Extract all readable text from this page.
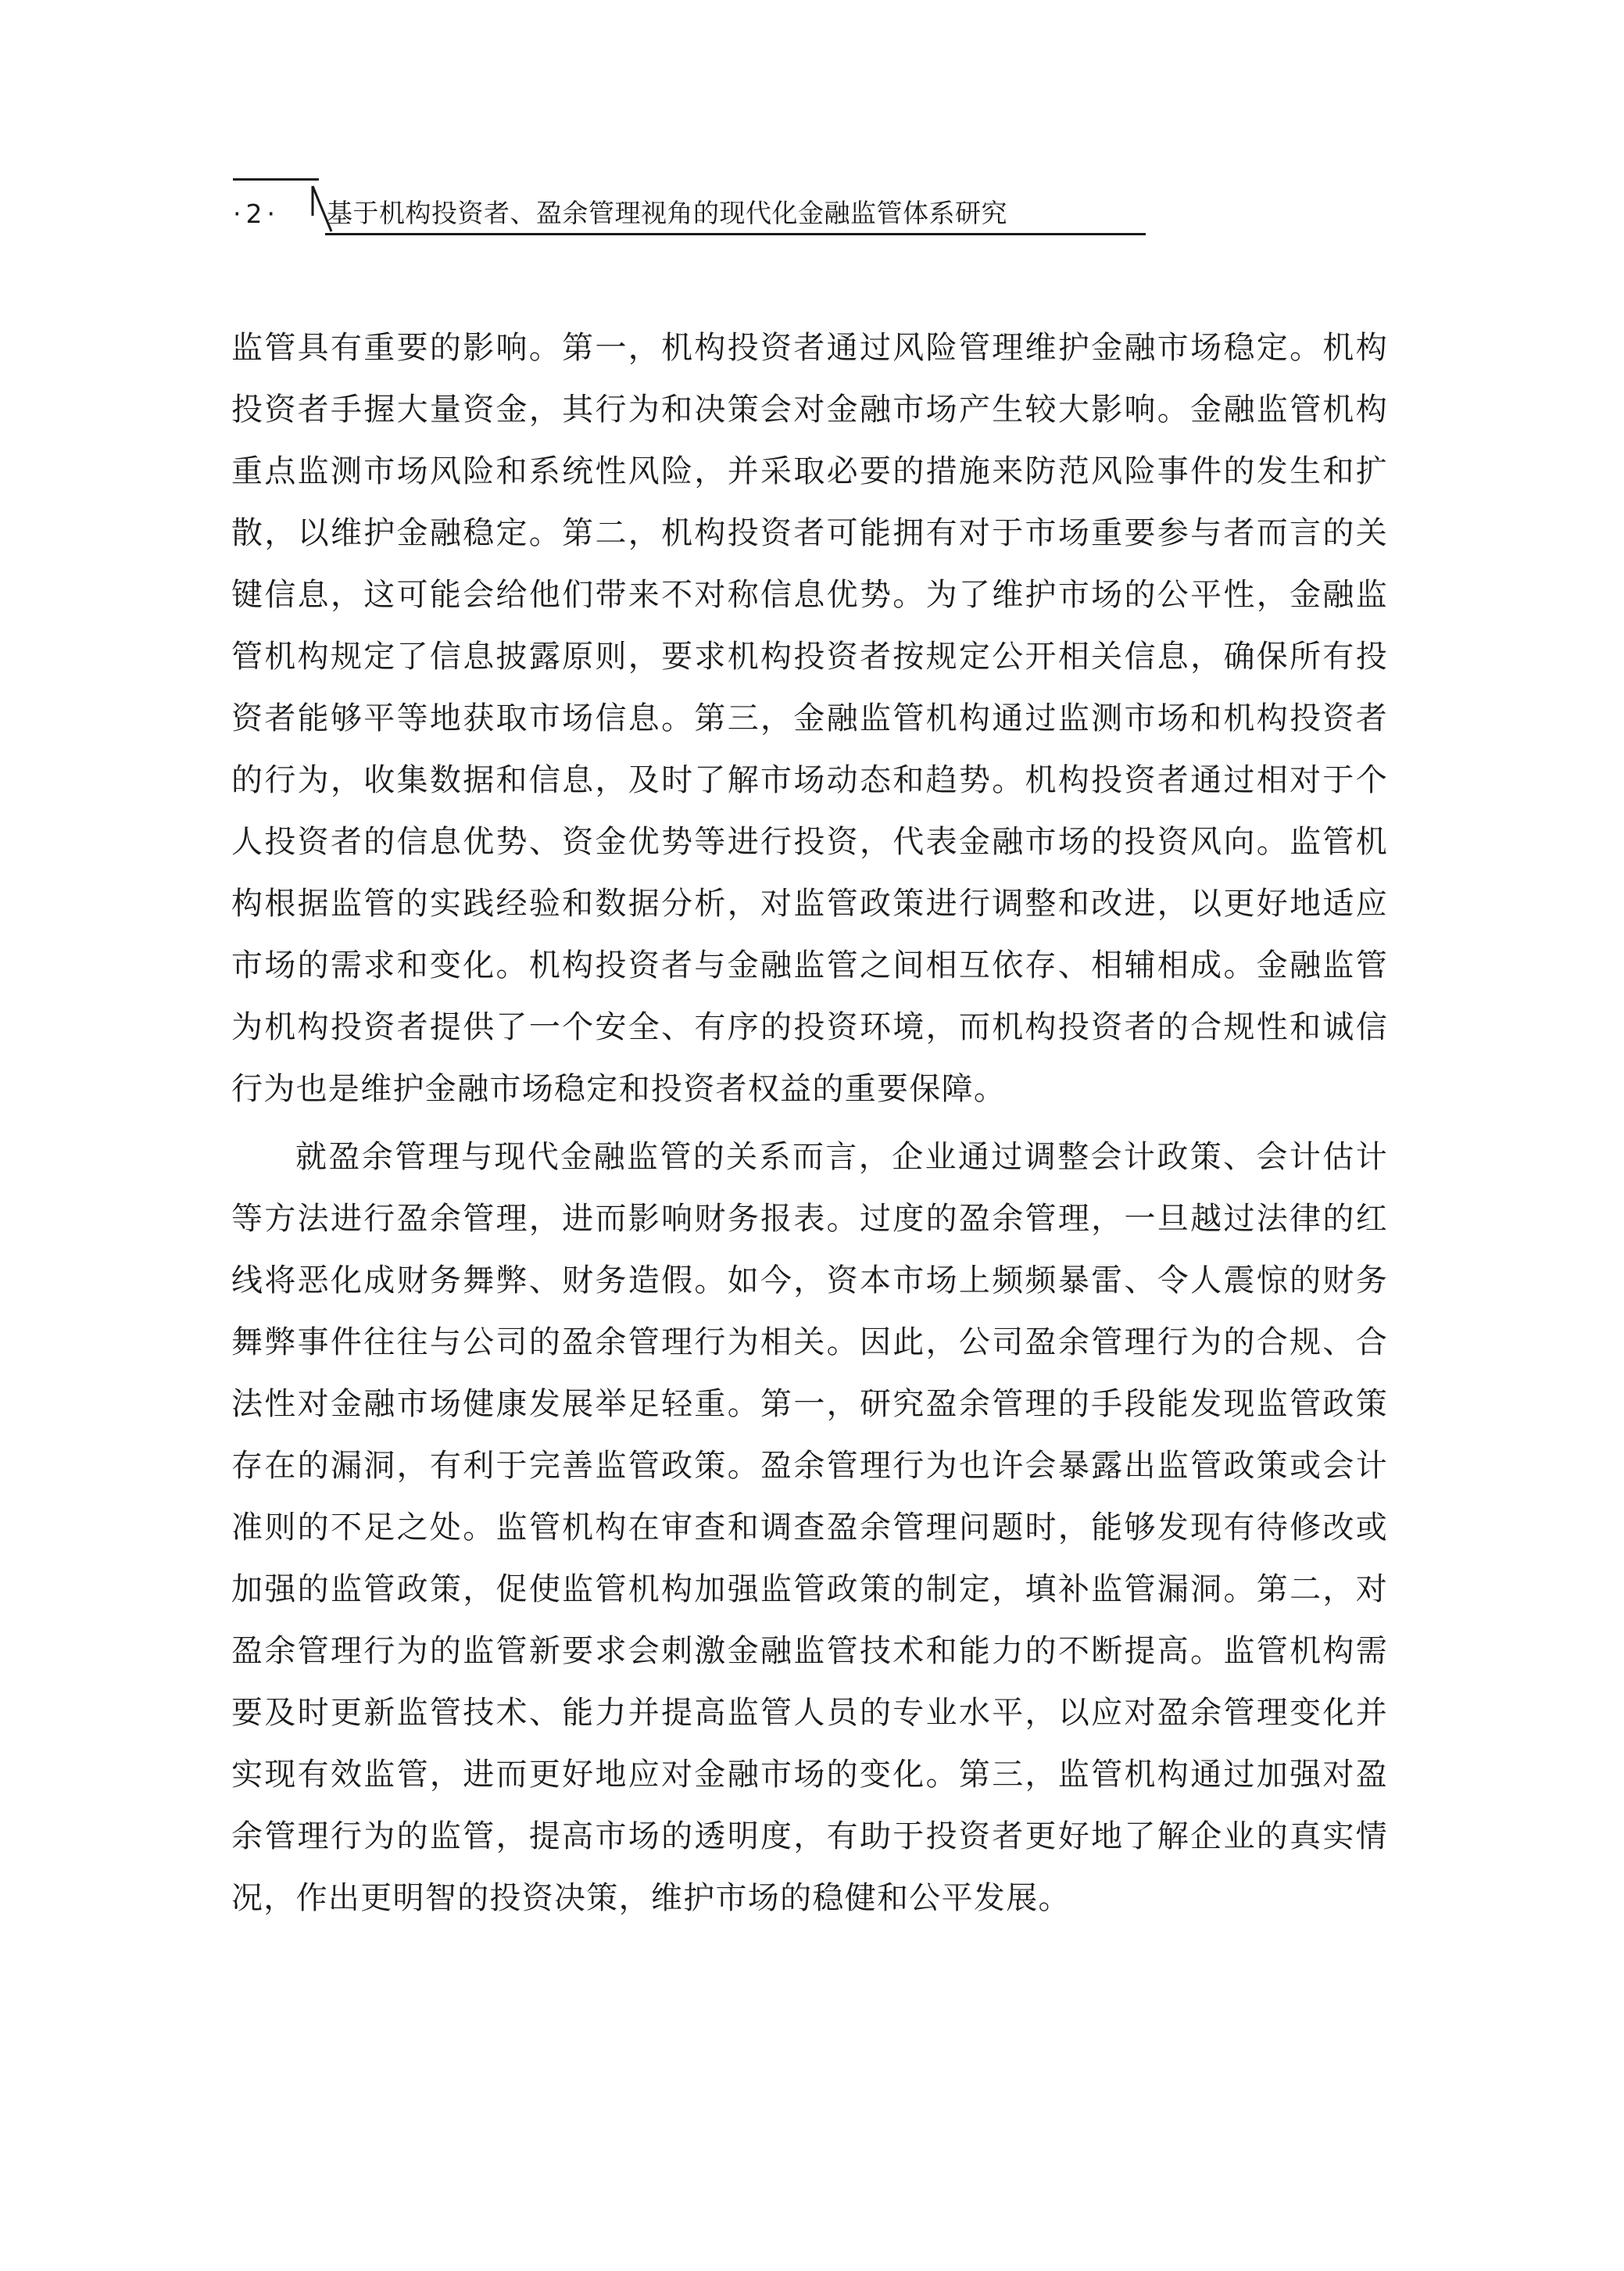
·2· 基于机构投资者、盈余管理视角的现代化金融监管体系研究

监管具有重要的影响。第一，机构投资者通过风险管理维护金融市场稳定。机构投资者手握大量资金，其行为和决策会对金融市场产生较大影响。金融监管机构重点监测市场风险和系统性风险，并采取必要的措施来防范风险事件的发生和扩散，以维护金融稳定。第二，机构投资者可能拥有对于市场重要参与者而言的关键信息，这可能会给他们带来不对称信息优势。为了维护市场的公平性，金融监管机构规定了信息披露原则，要求机构投资者按规定公开相关信息，确保所有投资者能够平等地获取市场信息。第三，金融监管机构通过监测市场和机构投资者的行为，收集数据和信息，及时了解市场动态和趋势。机构投资者通过相对于个人投资者的信息优势、资金优势等进行投资，代表金融市场的投资风向。监管机构根据监管的实践经验和数据分析，对监管政策进行调整和改进，以更好地适应市场的需求和变化。机构投资者与金融监管之间相互依存、相辅相成。金融监管为机构投资者提供了一个安全、有序的投资环境，而机构投资者的合规性和诚信行为也是维护金融市场稳定和投资者权益的重要保障。

就盈余管理与现代金融监管的关系而言，企业通过调整会计政策、会计估计等方法进行盈余管理，进而影响财务报表。过度的盈余管理，一旦越过法律的红线将恶化成财务舞弊、财务造假。如今，资本市场上频频暴雷、令人震惊的财务舞弊事件往往与公司的盈余管理行为相关。因此，公司盈余管理行为的合规、合法性对金融市场健康发展举足轻重。第一，研究盈余管理的手段能发现监管政策存在的漏洞，有利于完善监管政策。盈余管理行为也许会暴露出监管政策或会计准则的不足之处。监管机构在审查和调查盈余管理问题时，能够发现有待修改或加强的监管政策，促使监管机构加强监管政策的制定，填补监管漏洞。第二，对盈余管理行为的监管新要求会刺激金融监管技术和能力的不断提高。监管机构需要及时更新监管技术、能力并提高监管人员的专业水平，以应对盈余管理变化并实现有效监管，进而更好地应对金融市场的变化。第三，监管机构通过加强对盈余管理行为的监管，提高市场的透明度，有助于投资者更好地了解企业的真实情况，作出更明智的投资决策，维护市场的稳健和公平发展。
